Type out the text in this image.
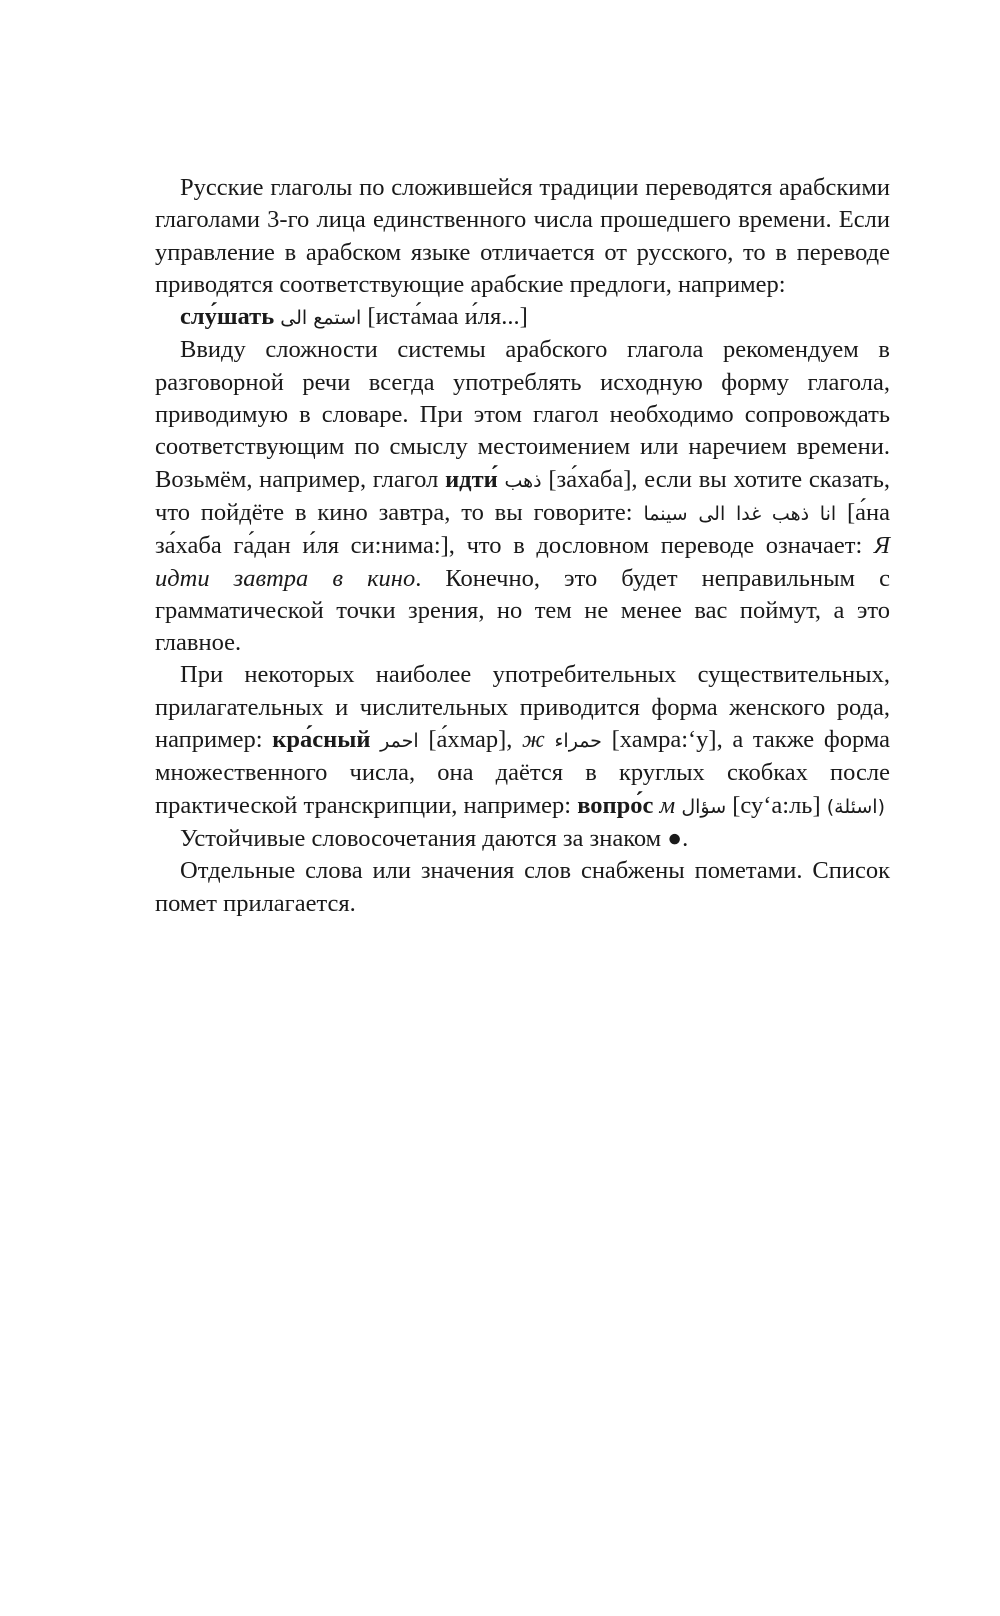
Русские глаголы по сложившейся традиции переводятся арабскими глаголами 3-го лица единственного числа прошедшего времени. Если управление в арабском языке отличается от русского, то в переводе приводятся соответствующие арабские предлоги, например:

слу́шать استمع الى [иста́маа и́ля...]

Ввиду сложности системы арабского глагола рекомендуем в разговорной речи всегда употреблять исходную форму глагола, приводимую в словаре. При этом глагол необходимо сопровождать соответствующим по смыслу местоимением или наречием времени. Возьмём, например, глагол идти́ ذهب [за́хаба], если вы хотите сказать, что пойдёте в кино завтра, то вы говорите: انا ذهب غدا الى سينما [а́на за́хаба га́дан и́ля си:нима:], что в дословном переводе означает: Я идти завтра в кино. Конечно, это будет неправильным с грамматической точки зрения, но тем не менее вас поймут, а это главное.

При некоторых наиболее употребительных существительных, прилагательных и числительных приводится форма женского рода, например: кра́сный احمر [а́хмар], ж حمراء [хамра:‘у], а также форма множественного числа, она даётся в круглых скобках после практической транскрипции, например: вопро́с м سؤال [су‘а:ль] (اسئلة)

Устойчивые словосочетания даются за знаком ●.

Отдельные слова или значения слов снабжены пометами. Список помет прилагается.
